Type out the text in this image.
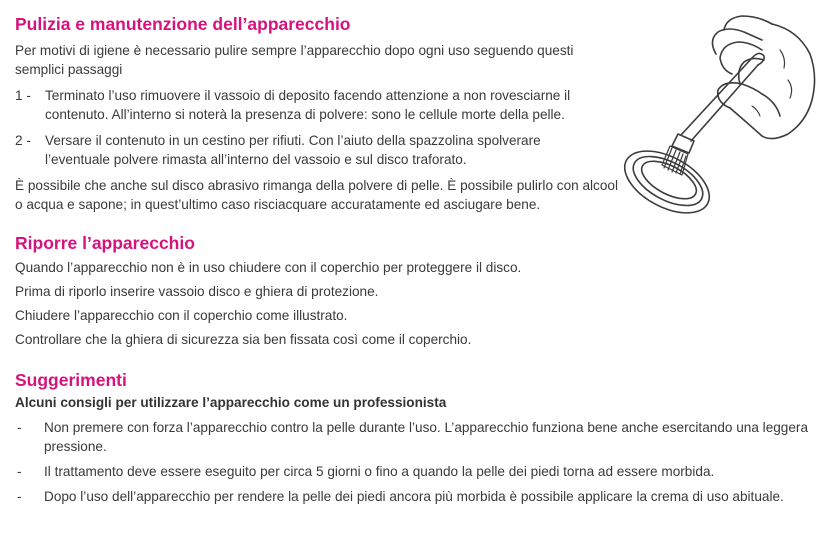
Pulizia e manutenzione dell’apparecchio

Per motivi di igiene è necessario pulire sempre l’apparecchio dopo ogni uso seguendo questi semplici passaggi

1 - Terminato l’uso rimuovere il vassoio di deposito facendo attenzione a non rovesciarne il contenuto. All’interno si noterà la presenza di polvere: sono le cellule morte della pelle.

2 - Versare il contenuto in un cestino per rifiuti. Con l’aiuto della spazzolina spolverare l’eventuale polvere rimasta all’interno del vassoio e sul disco traforato.

È possibile che anche sul disco abrasivo rimanga della polvere di pelle. È possibile pulirlo con alcool o acqua e sapone; in quest’ultimo caso risciacquare accuratamente ed asciugare bene.

Riporre l’apparecchio

Quando l’apparecchio non è in uso chiudere con il coperchio per proteggere il disco.

Prima di riporlo inserire vassoio disco e ghiera di protezione.

Chiudere l’apparecchio con il coperchio come illustrato.

Controllare che la ghiera di sicurezza sia ben fissata così come il coperchio.

Suggerimenti

Alcuni consigli per utilizzare l’apparecchio come un professionista

- Non premere con forza l’apparecchio contro la pelle durante l’uso. L’apparecchio funziona bene anche esercitando una leggera pressione.

- Il trattamento deve essere eseguito per circa 5 giorni o fino a quando la pelle dei piedi torna ad essere morbida.

- Dopo l’uso dell’apparecchio per rendere la pelle dei piedi ancora più morbida è possibile applicare la crema di uso abituale.
